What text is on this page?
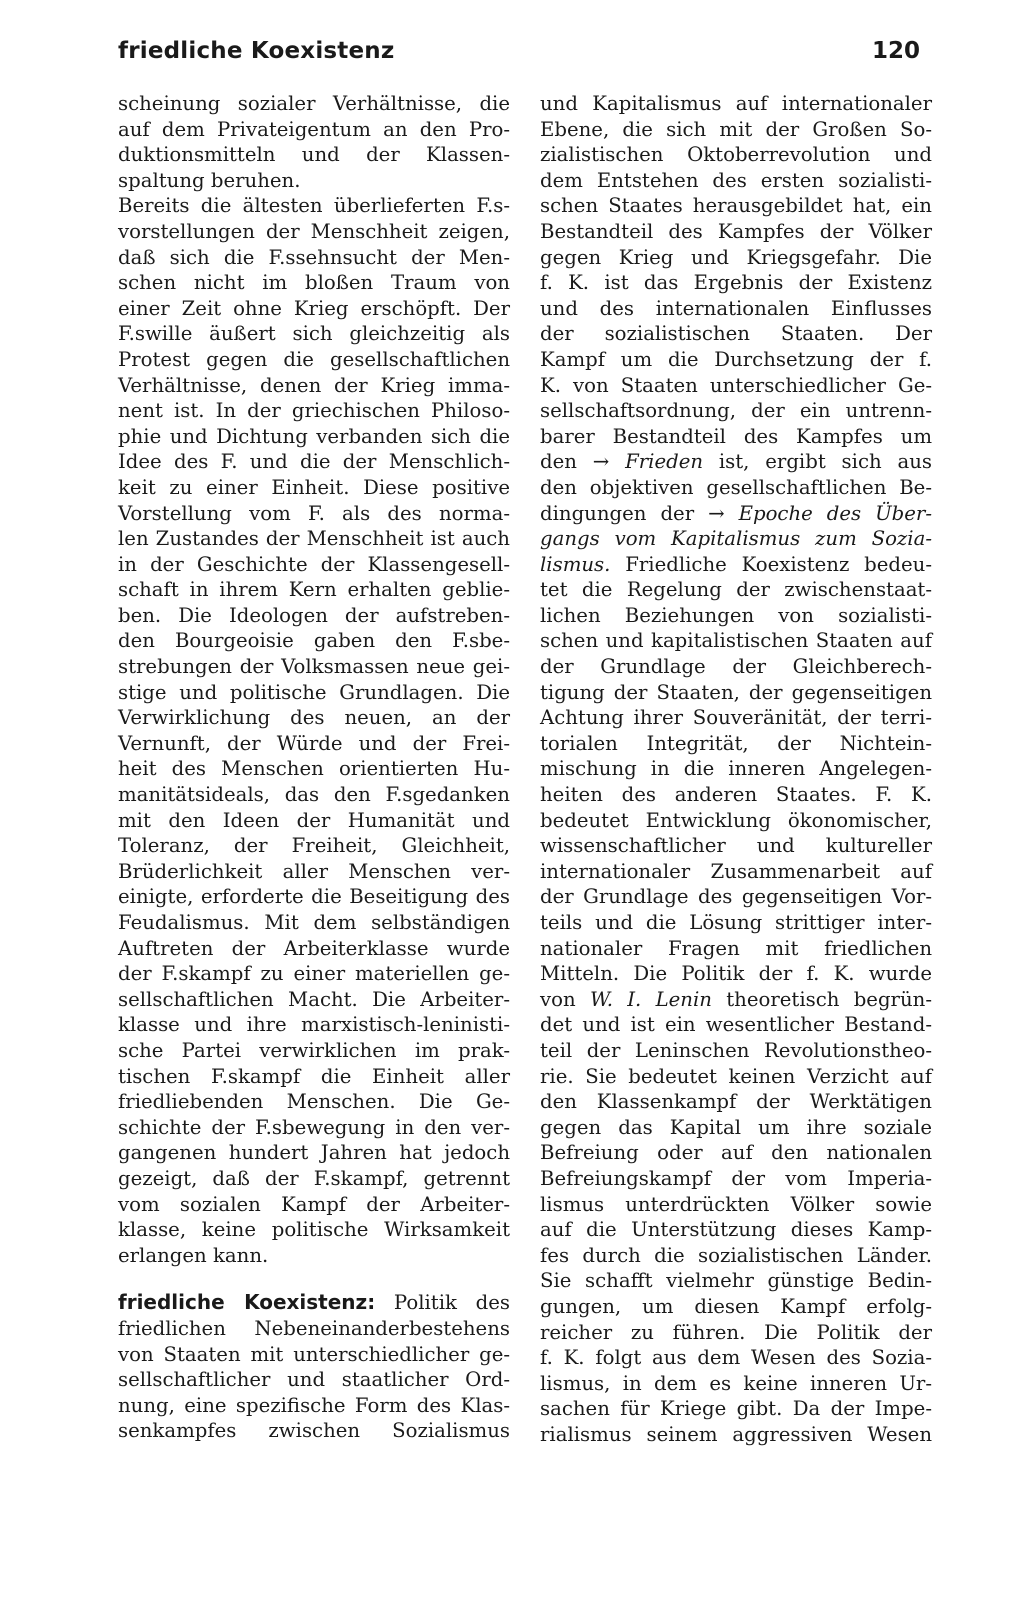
friedliche Koexistenz	120
scheinung sozialer Verhältnisse, die
auf dem Privateigentum an den Pro-
duktionsmitteln und der Klassen-
spaltung beruhen.
Bereits die ältesten überlieferten F.s-
vorstellungen der Menschheit zeigen,
daß sich die F.ssehnsucht der Men-
schen nicht im bloßen Traum von
einer Zeit ohne Krieg erschöpft. Der
F.swille äußert sich gleichzeitig als
Protest gegen die gesellschaftlichen
Verhältnisse, denen der Krieg imma-
nent ist. In der griechischen Philoso-
phie und Dichtung verbanden sich die
Idee des F. und die der Menschlich-
keit zu einer Einheit. Diese positive
Vorstellung vom F. als des norma-
len Zustandes der Menschheit ist auch
in der Geschichte der Klassengesell-
schaft in ihrem Kern erhalten geblie-
ben. Die Ideologen der aufstreben-
den Bourgeoisie gaben den F.sbe-
strebungen der Volksmassen neue gei-
stige und politische Grundlagen. Die
Verwirklichung des neuen, an der
Vernunft, der Würde und der Frei-
heit des Menschen orientierten Hu-
manitätsideals, das den F.sgedanken
mit den Ideen der Humanität und
Toleranz, der Freiheit, Gleichheit,
Brüderlichkeit aller Menschen ver-
einigte, erforderte die Beseitigung des
Feudalismus. Mit dem selbständigen
Auftreten der Arbeiterklasse wurde
der F.skampf zu einer materiellen ge-
sellschaftlichen Macht. Die Arbeiter-
klasse und ihre marxistisch-leninisti-
sche Partei verwirklichen im prak-
tischen F.skampf die Einheit aller
friedliebenden Menschen. Die Ge-
schichte der F.sbewegung in den ver-
gangenen hundert Jahren hat jedoch
gezeigt, daß der F.skampf, getrennt
vom sozialen Kampf der Arbeiter-
klasse, keine politische Wirksamkeit
erlangen kann.
friedliche Koexistenz: Politik des
friedlichen Nebeneinanderbestehens
von Staaten mit unterschiedlicher ge-
sellschaftlicher und staatlicher Ord-
nung, eine spezifische Form des Klas-
senkampfes zwischen Sozialismus
und Kapitalismus auf internationaler
Ebene, die sich mit der Großen So-
zialistischen Oktoberrevolution und
dem Entstehen des ersten sozialisti-
schen Staates herausgebildet hat, ein
Bestandteil des Kampfes der Völker
gegen Krieg und Kriegsgefahr. Die
f. K. ist das Ergebnis der Existenz
und des internationalen Einflusses
der sozialistischen Staaten. Der
Kampf um die Durchsetzung der f.
K. von Staaten unterschiedlicher Ge-
sellschaftsordnung, der ein untrenn-
barer Bestandteil des Kampfes um
den → Frieden ist, ergibt sich aus
den objektiven gesellschaftlichen Be-
dingungen der → Epoche des Über-
gangs vom Kapitalismus zum Sozia-
lismus. Friedliche Koexistenz bedeu-
tet die Regelung der zwischenstaat-
lichen Beziehungen von sozialisti-
schen und kapitalistischen Staaten auf
der Grundlage der Gleichberech-
tigung der Staaten, der gegenseitigen
Achtung ihrer Souveränität, der terri-
torialen Integrität, der Nichtein-
mischung in die inneren Angelegen-
heiten des anderen Staates. F. K.
bedeutet Entwicklung ökonomischer,
wissenschaftlicher und kultureller
internationaler Zusammenarbeit auf
der Grundlage des gegenseitigen Vor-
teils und die Lösung strittiger inter-
nationaler Fragen mit friedlichen
Mitteln. Die Politik der f. K. wurde
von W. I. Lenin theoretisch begrün-
det und ist ein wesentlicher Bestand-
teil der Leninschen Revolutionstheo-
rie. Sie bedeutet keinen Verzicht auf
den Klassenkampf der Werktätigen
gegen das Kapital um ihre soziale
Befreiung oder auf den nationalen
Befreiungskampf der vom Imperia-
lismus unterdrückten Völker sowie
auf die Unterstützung dieses Kamp-
fes durch die sozialistischen Länder.
Sie schafft vielmehr günstige Bedin-
gungen, um diesen Kampf erfolg-
reicher zu führen. Die Politik der
f. K. folgt aus dem Wesen des Sozia-
lismus, in dem es keine inneren Ur-
sachen für Kriege gibt. Da der Impe-
rialismus seinem aggressiven Wesen
